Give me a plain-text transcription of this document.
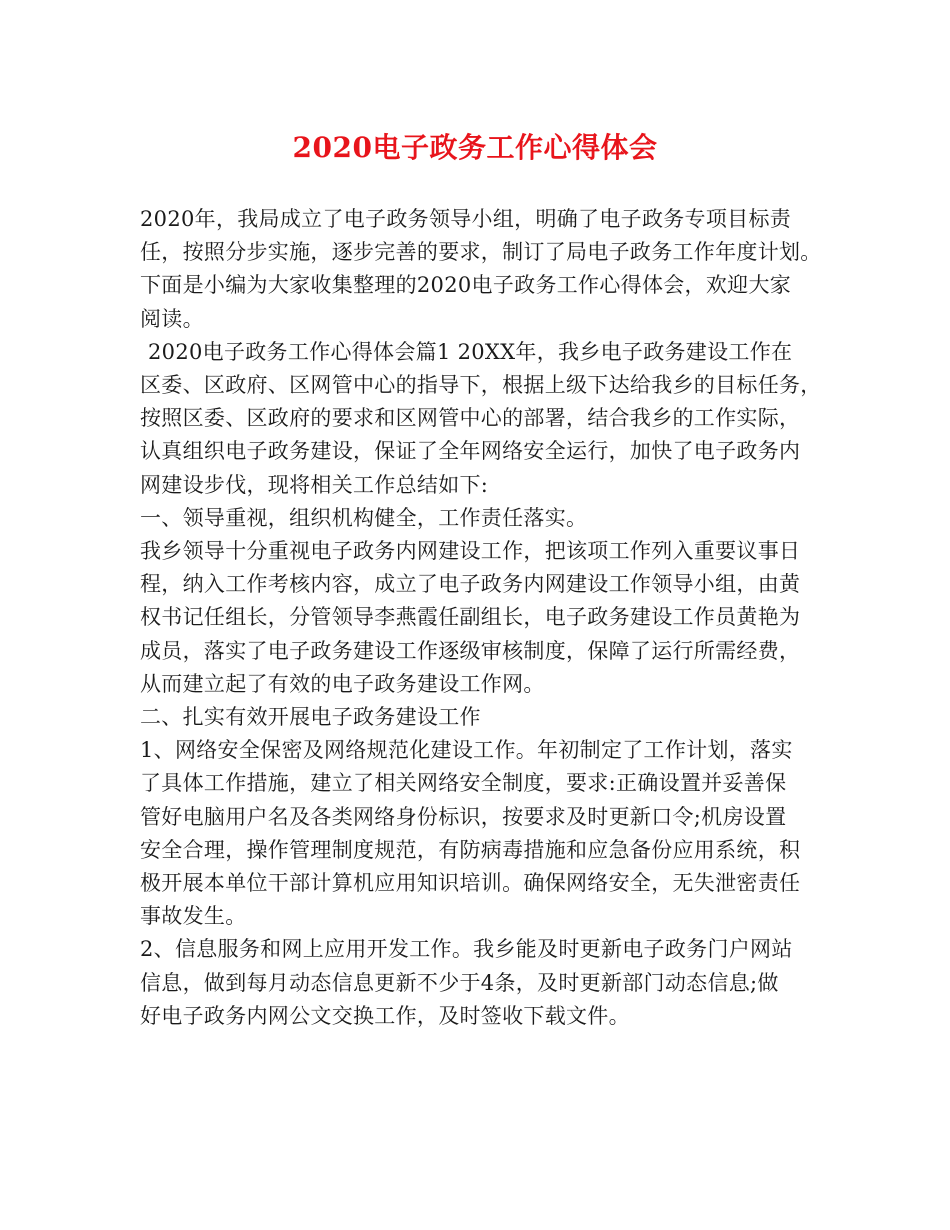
2020电子政务工作心得体会
2020年，我局成立了电子政务领导小组，明确了电子政务专项目标责
任，按照分步实施，逐步完善的要求，制订了局电子政务工作年度计划。
下面是小编为大家收集整理的2020电子政务工作心得体会，欢迎大家
阅读。
2020电子政务工作心得体会篇1 20XX年，我乡电子政务建设工作在
区委、区政府、区网管中心的指导下，根据上级下达给我乡的目标任务，
按照区委、区政府的要求和区网管中心的部署，结合我乡的工作实际，
认真组织电子政务建设，保证了全年网络安全运行，加快了电子政务内
网建设步伐，现将相关工作总结如下:
一、领导重视，组织机构健全，工作责任落实。
我乡领导十分重视电子政务内网建设工作，把该项工作列入重要议事日
程，纳入工作考核内容，成立了电子政务内网建设工作领导小组，由黄
权书记任组长，分管领导李燕霞任副组长，电子政务建设工作员黄艳为
成员，落实了电子政务建设工作逐级审核制度，保障了运行所需经费，
从而建立起了有效的电子政务建设工作网。
二、扎实有效开展电子政务建设工作
1、网络安全保密及网络规范化建设工作。年初制定了工作计划，落实
了具体工作措施，建立了相关网络安全制度，要求:正确设置并妥善保
管好电脑用户名及各类网络身份标识，按要求及时更新口令;机房设置
安全合理，操作管理制度规范，有防病毒措施和应急备份应用系统，积
极开展本单位干部计算机应用知识培训。确保网络安全，无失泄密责任
事故发生。
2、信息服务和网上应用开发工作。我乡能及时更新电子政务门户网站
信息，做到每月动态信息更新不少于4条，及时更新部门动态信息;做
好电子政务内网公文交换工作，及时签收下载文件。
